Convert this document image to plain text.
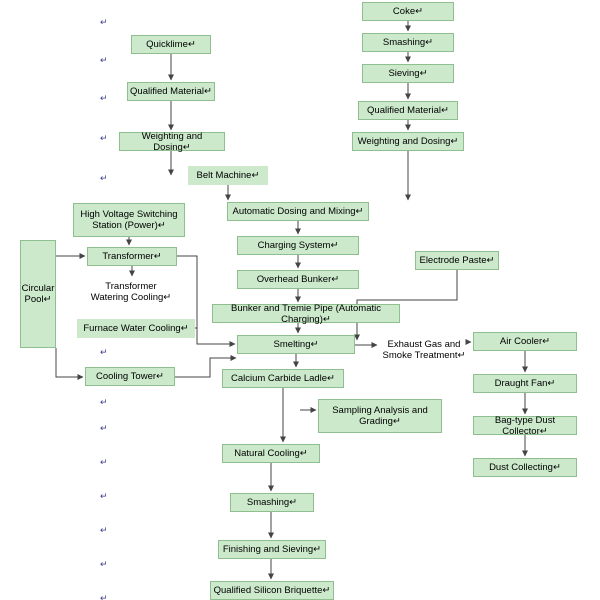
Coke↵
Smashing↵
Sieving↵
Qualified Material↵
Weighting and Dosing↵
Quicklime↵
Qualified Material↵
Weighting and Dosing↵
Belt Machine↵
Automatic Dosing and Mixing↵
Charging System↵
Overhead Bunker↵
Bunker and Tremie Pipe (Automatic Charging)↵
Smelting↵
Calcium Carbide Ladle↵
Sampling Analysis and Grading↵
Natural Cooling↵
Smashing↵
Finishing and Sieving↵
Qualified Silicon Briquette↵
High Voltage Switching Station (Power)↵
Transformer↵
Circular Pool↵
Furnace Water Cooling↵
Cooling Tower↵
Electrode Paste↵
Air Cooler↵
Draught Fan↵
Bag-type Dust Collector↵
Dust Collecting↵
Transformer Watering Cooling↵
Exhaust Gas and Smoke Treatment↵
↵
↵
↵
↵
↵
↵
↵
↵
↵
↵
↵
↵
↵
